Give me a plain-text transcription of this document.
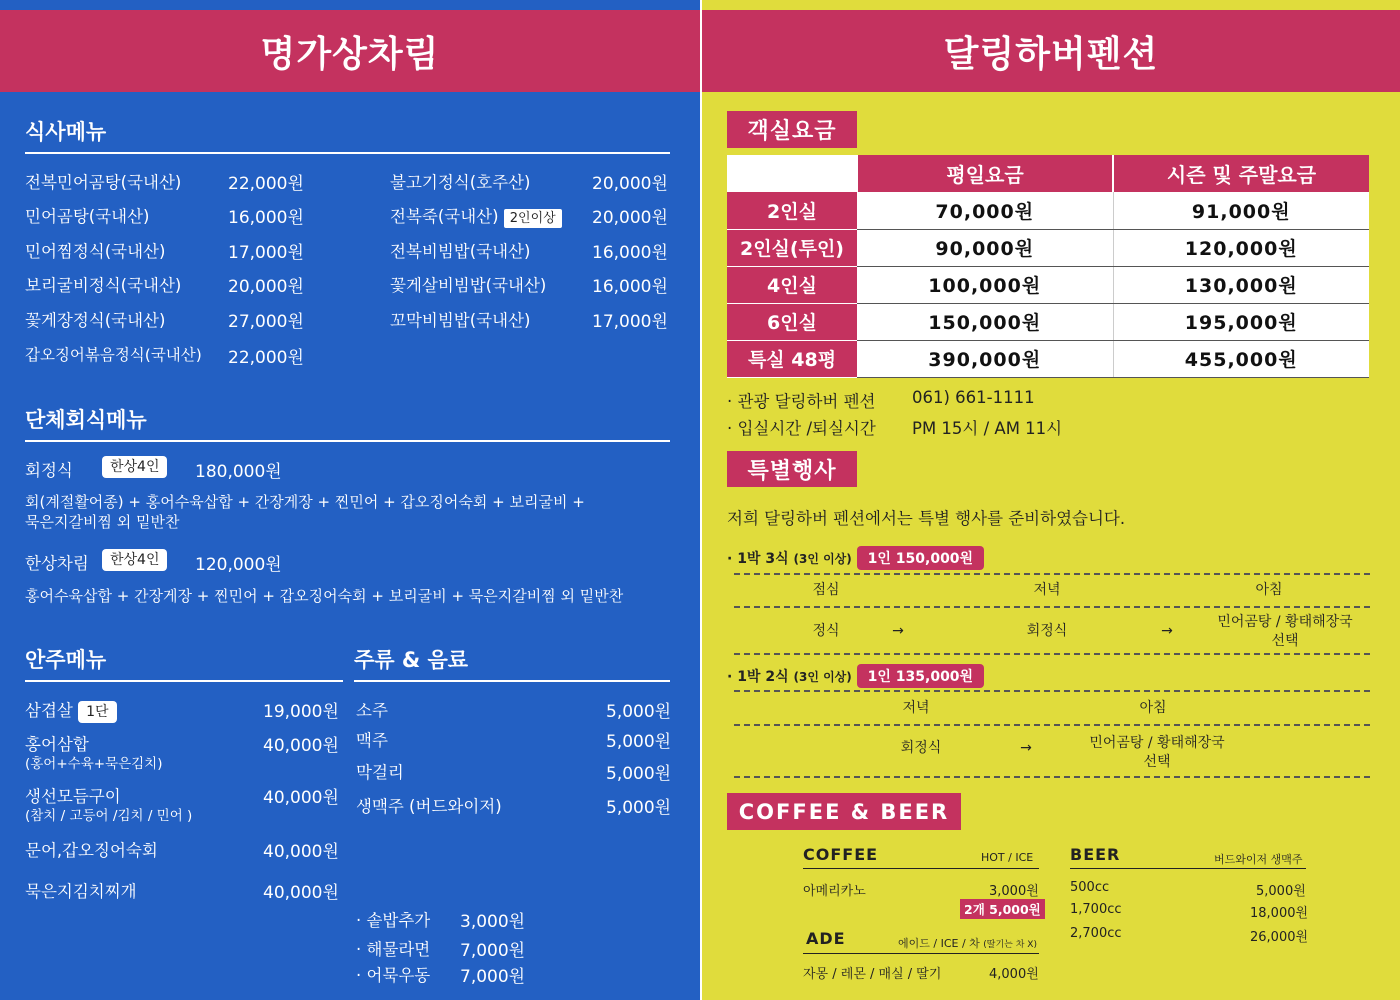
명가상차림
식사메뉴
전복민어곰탕(국내산)	22,000원
민어곰탕(국내산)	16,000원
민어찜정식(국내산)	17,000원
보리굴비정식(국내산)	20,000원
꽃게장정식(국내산)	27,000원
갑오징어볶음정식(국내산) 22,000원
불고기정식(호주산)	20,000원
전복죽(국내산) 2인이상	20,000원
전복비빔밥(국내산)	16,000원
꽃게살비빔밥(국내산)	16,000원
꼬막비빔밥(국내산)	17,000원
단체회식메뉴
회정식	한상4인	180,000원
회(계절활어종) + 홍어수육삽합 + 간장게장 + 찐민어 + 갑오징어숙회 + 보리굴비 +
묵은지갈비찜 외 밑반찬
한상차림	한상4인	120,000원
홍어수육삽합 + 간장게장 + 찐민어 + 갑오징어숙회 + 보리굴비 + 묵은지갈비찜 외 밑반찬
안주메뉴
삼겹살 1단	19,000원
홍어삼합
(홍어+수육+묵은김치)
40,000원
생선모듬구이
(참치 / 고등어 /김치 / 민어 )
40,000원
문어,갑오징어숙회	40,000원
묵은지김치찌개	40,000원
주류 & 음료
소주	5,000원
맥주	5,000원
막걸리	5,000원
생맥주 (버드와이저)	5,000원
· 솥밥추가 3,000원
· 해물라면 7,000원
· 어묵우동 7,000원
달링하버펜션
객실요금
	평일요금	시즌 및 주말요금
2인실	70,000원	91,000원
2인실(투인)	90,000원	120,000원
4인실	100,000원	130,000원
6인실	150,000원	195,000원
특실 48평	390,000원	455,000원
· 관광 달링하버 펜션 061) 661-1111
· 입실시간 /퇴실시간 PM 15시 / AM 11시
특별행사
저희 달링하버 펜션에서는 특별 행사를 준비하였습니다.
· 1박 3식 (3인 이상) 1인 150,000원
점심	저녁	아침
정식	→	회정식	→
민어곰탕 / 황태해장국
선택
· 1박 2식 (3인 이상) 1인 135,000원
저녁	아침
회정식	→	민어곰탕 / 황태해장국
선택
COFFEE & BEER
COFFEE	HOT / ICE
아메리카노	3,000원
2개 5,000원
ADE	에이드 / ICE / 차 (딸기는 차 X)
자몽 / 레몬 / 매실 / 딸기	4,000원
BEER	버드와이저 생맥주
500cc	5,000원
1,700cc	18,000원
2,700cc	26,000원
